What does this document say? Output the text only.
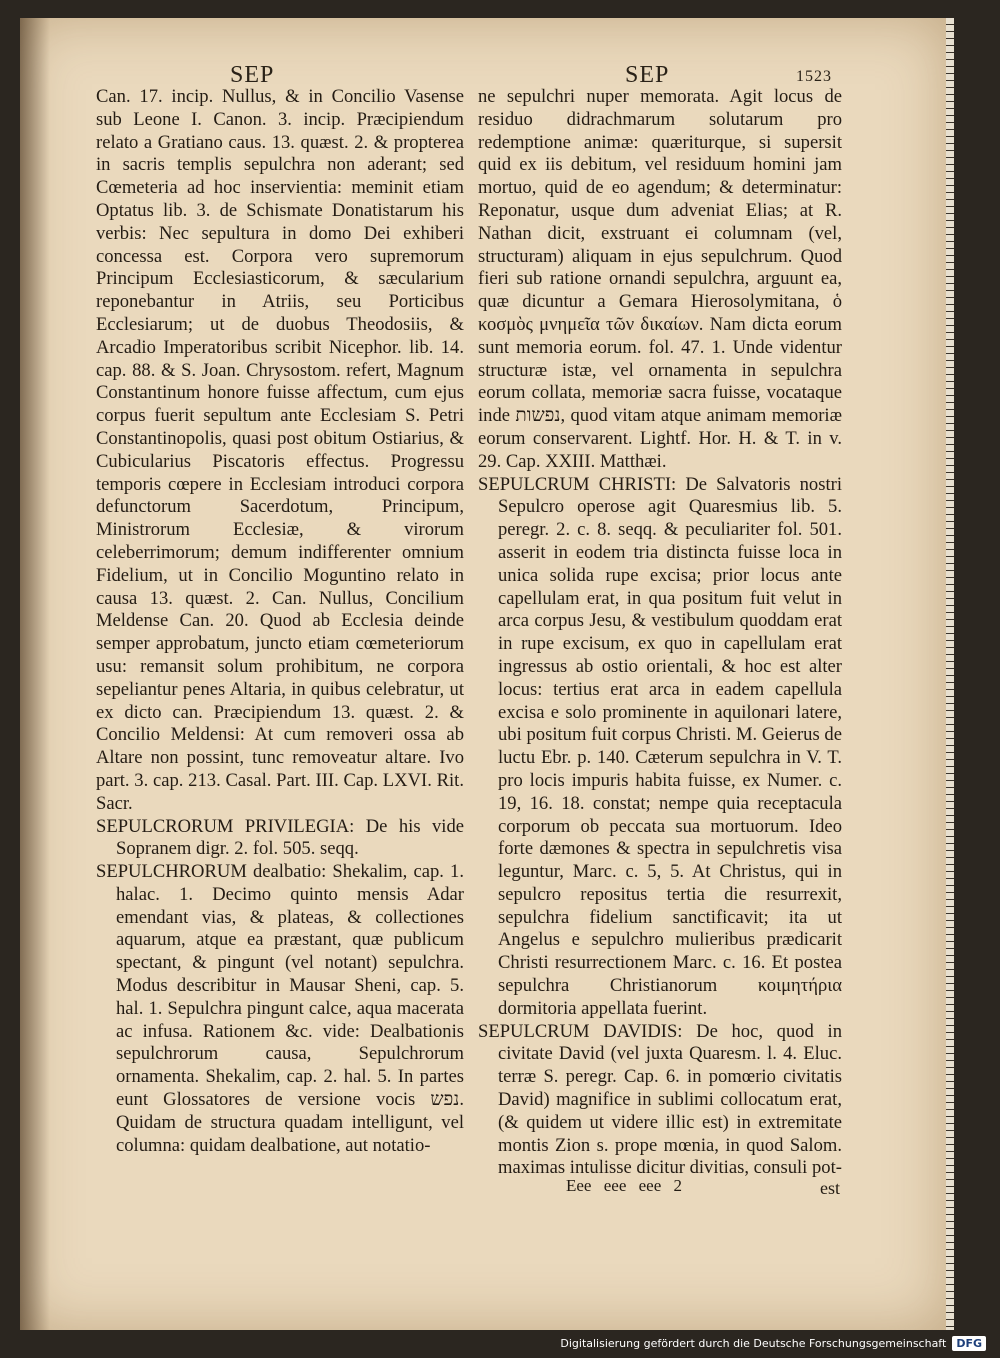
SEP	SEP	1523

Can. 17. incip. Nullus, & in Concilio Vasense sub Leone I. Canon. 3. incip. Præcipiendum relato a Gratiano caus. 13. quæst. 2. & propterea in sacris templis sepulchra non aderant; sed Cœmeteria ad hoc inservientia: meminit etiam Optatus lib. 3. de Schismate Donatistarum his verbis: Nec sepultura in domo Dei exhiberi concessa est. Corpora vero supremorum Principum Ecclesiasticorum, & sæcularium reponebantur in Atriis, seu Porticibus Ecclesiarum; ut de duobus Theodosiis, & Arcadio Imperatoribus scribit Nicephor. lib. 14. cap. 88. & S. Joan. Chrysostom. refert, Magnum Constantinum honore fuisse affectum, cum ejus corpus fuerit sepultum ante Ecclesiam S. Petri Constantinopolis, quasi post obitum Ostiarius, & Cubicularius Piscatoris effectus. Progressu temporis cœpere in Ecclesiam introduci corpora defunctorum Sacerdotum, Principum, Ministrorum Ecclesiæ, & virorum celeberrimorum; demum indifferenter omnium Fidelium, ut in Concilio Moguntino relato in causa 13. quæst. 2. Can. Nullus, Concilium Meldense Can. 20. Quod ab Ecclesia deinde semper approbatum, juncto etiam cœmeteriorum usu: remansit solum prohibitum, ne corpora sepeliantur penes Altaria, in quibus celebratur, ut ex dicto can. Præcipiendum 13. quæst. 2. & Concilio Meldensi: At cum removeri ossa ab Altare non possint, tunc removeatur altare. Ivo part. 3. cap. 213. Casal. Part. III. Cap. LXVI. Rit. Sacr.

SEPULCRORUM PRIVILEGIA: De his vide Sopranem digr. 2. fol. 505. seqq.

SEPULCHRORUM dealbatio: Shekalim, cap. 1. halac. 1. Decimo quinto mensis Adar emendant vias, & plateas, & collectiones aquarum, atque ea præstant, quæ publicum spectant, & pingunt (vel notant) sepulchra. Modus describitur in Mausar Sheni, cap. 5. hal. 1. Sepulchra pingunt calce, aqua macerata ac infusa. Rationem &c. vide: Dealbationis sepulchrorum causa, Sepulchrorum ornamenta. Shekalim, cap. 2. hal. 5. In partes eunt Glossatores de versione vocis נפש. Quidam de structura quadam intelligunt, vel columna: quidam dealbatione, aut notatio-

ne sepulchri nuper memorata. Agit locus de residuo didrachmarum solutarum pro redemptione animæ: quæriturque, si supersit quid ex iis debitum, vel residuum homini jam mortuo, quid de eo agendum; & determinatur: Reponatur, usque dum adveniat Elias; at R. Nathan dicit, exstruant ei columnam (vel, structuram) aliquam in ejus sepulchrum. Quod fieri sub ratione ornandi sepulchra, arguunt ea, quæ dicuntur a Gemara Hierosolymitana, ὁ κοσμὸς μνημεῖα τῶν δικαίων. Nam dicta eorum sunt memoria eorum. fol. 47. 1. Unde videntur structuræ istæ, vel ornamenta in sepulchra eorum collata, memoriæ sacra fuisse, vocataque inde נפשות, quod vitam atque animam memoriæ eorum conservarent. Lightf. Hor. H. & T. in v. 29. Cap. XXIII. Matthæi.

SEPULCRUM CHRISTI: De Salvatoris nostri Sepulcro operose agit Quaresmius lib. 5. peregr. 2. c. 8. seqq. & peculiariter fol. 501. asserit in eodem tria distincta fuisse loca in unica solida rupe excisa; prior locus ante capellulam erat, in qua positum fuit velut in arca corpus Jesu, & vestibulum quoddam erat in rupe excisum, ex quo in capellulam erat ingressus ab ostio orientali, & hoc est alter locus: tertius erat arca in eadem capellula excisa e solo prominente in aquilonari latere, ubi positum fuit corpus Christi. M. Geierus de luctu Ebr. p. 140. Cæterum sepulchra in V. T. pro locis impuris habita fuisse, ex Numer. c. 19, 16. 18. constat; nempe quia receptacula corporum ob peccata sua mortuorum. Ideo forte dæmones & spectra in sepulchretis visa leguntur, Marc. c. 5, 5. At Christus, qui in sepulcro repositus tertia die resurrexit, sepulchra fidelium sanctificavit; ita ut Angelus e sepulchro mulieribus prædicarit Christi resurrectionem Marc. c. 16. Et postea sepulchra Christianorum κοιμητήρια dormitoria appellata fuerint.

SEPULCRUM DAVIDIS: De hoc, quod in civitate David (vel juxta Quaresm. l. 4. Eluc. terræ S. peregr. Cap. 6. in pomœrio civitatis David) magnifice in sublimi collocatum erat, (& quidem ut videre illic est) in extremitate montis Zion s. prope mœnia, in quod Salom. maximas intulisse dicitur divitias, consuli pot-

Eee eee eee 2	est
Digitalisierung gefördert durch die Deutsche Forschungsgemeinschaft DFG
